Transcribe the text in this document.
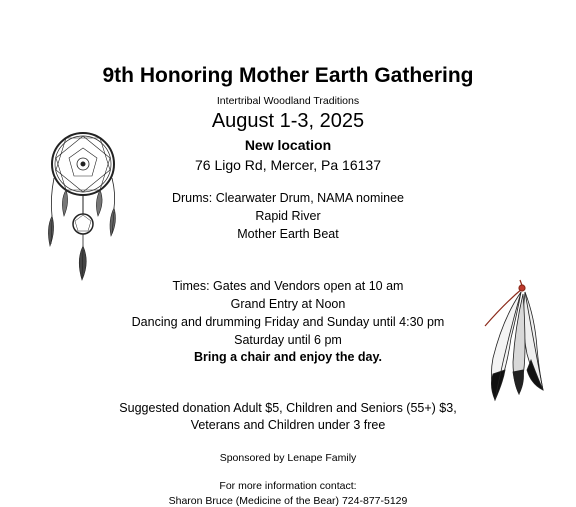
9th Honoring Mother Earth Gathering
Intertribal Woodland Traditions
August 1-3, 2025
New location
76 Ligo Rd, Mercer, Pa 16137
Drums: Clearwater Drum, NAMA nominee
Rapid River
Mother Earth Beat
Times: Gates and Vendors open at 10 am
Grand Entry at Noon
Dancing and drumming Friday and Sunday until 4:30 pm
Saturday until 6 pm
Bring a chair and enjoy the day.
Suggested donation Adult $5, Children and Seniors (55+) $3,
Veterans and Children under 3 free
Sponsored by Lenape Family
For more information contact:
Sharon Bruce (Medicine of the Bear) 724-877-5129
